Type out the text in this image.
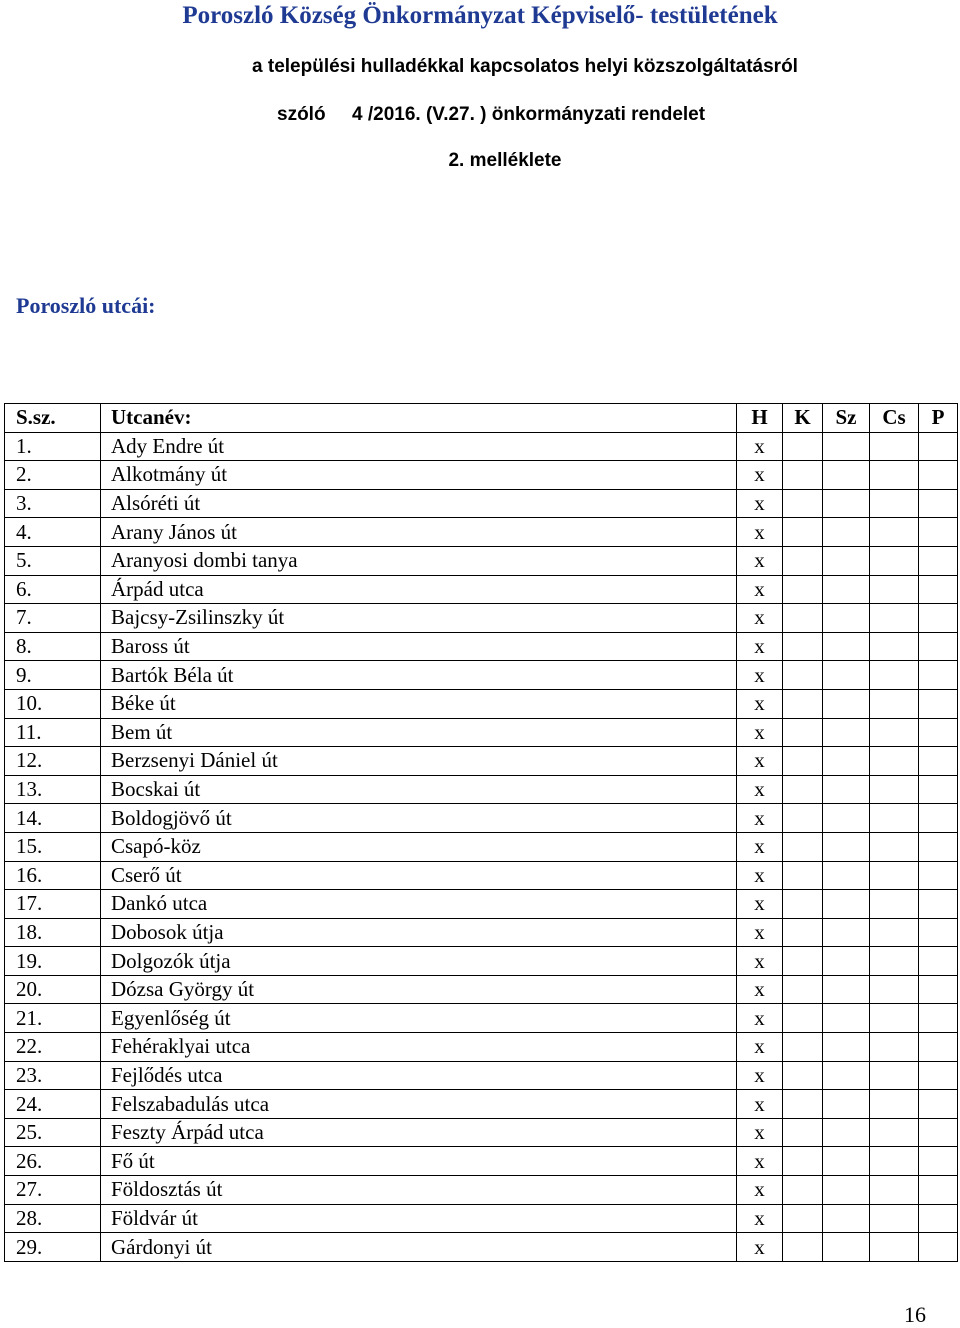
Poroszló Község Önkormányzat Képviselő- testületének
a települési hulladékkal kapcsolatos helyi közszolgáltatásról
szóló 4 /2016. (V.27. ) önkormányzati rendelet
2. melléklete
Poroszló utcái:
S.sz.	Utcanév:	H	K	Sz	Cs	P
1.	Ady Endre út	x				
2.	Alkotmány út	x				
3.	Alsóréti út	x				
4.	Arany János út	x				
5.	Aranyosi dombi tanya	x				
6.	Árpád utca	x				
7.	Bajcsy-Zsilinszky út	x				
8.	Baross út	x				
9.	Bartók Béla út	x				
10.	Béke út	x				
11.	Bem út	x				
12.	Berzsenyi Dániel út	x				
13.	Bocskai út	x				
14.	Boldogjövő út	x				
15.	Csapó-köz	x				
16.	Cserő út	x				
17.	Dankó utca	x				
18.	Dobosok útja	x				
19.	Dolgozók útja	x				
20.	Dózsa György út	x				
21.	Egyenlőség út	x				
22.	Fehéraklyai utca	x				
23.	Fejlődés utca	x				
24.	Felszabadulás utca	x				
25.	Feszty Árpád utca	x				
26.	Fő út	x				
27.	Földosztás út	x				
28.	Földvár út	x				
29.	Gárdonyi út	x				
16
